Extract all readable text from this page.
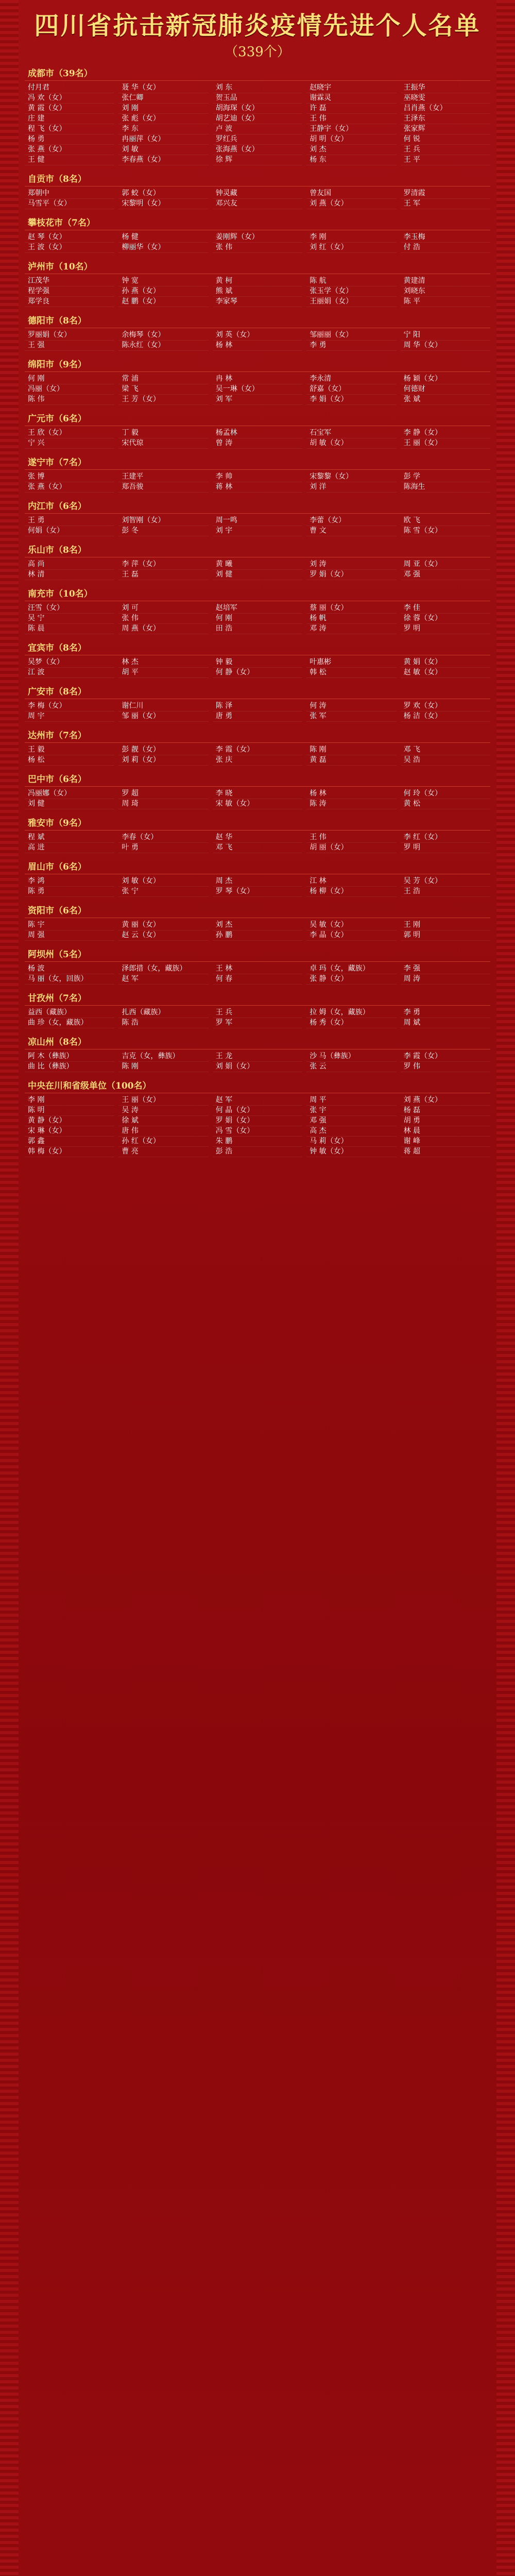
四川省抗击新冠肺炎疫情先进个人名单
（339个）
成都市（39名）
付月君	聂 华（女）	刘 东	赵晓宇	王振华
冯 欢（女）	张仁卿	贺玉品	谢霖灵	巫晓雯
黄 霞（女）	刘 刚	胡海琛（女）	许 磊	吕肖燕（女）
庄 建	张 彪（女）	胡艺迪（女）	王 伟	王泽东
程 飞（女）	李 东	卢 波	王静宇（女）	张家辉
杨 勇	冉丽萍（女）	罗红兵	胡 明（女）	何 锐
张 燕（女）	刘 敏	张海燕（女）	刘 杰	王 兵
王 健	李春燕（女）	徐 辉	杨 东	王 平
自贡市（8名）
郑朝中	郭 蛟（女）	钟灵藏	曾友国	罗清霞
马雪平（女）	宋黎明（女）	邓兴友	刘 燕（女）	王 军
攀枝花市（7名）
赵 琴（女）	杨 健	姜刚辉（女）	李 刚	李玉梅
王 波（女）	柳丽华（女）	张 伟	刘 红（女）	付 浩
泸州市（10名）
江茂华	钟 宽	黄 柯	陈 航	黄建清
程学强	孙 燕（女）	熊 斌	张玉学（女）	刘晓东
郑学良	赵 鹏（女）	李家琴	王丽娟（女）	陈 平
德阳市（8名）
罗丽娟（女）	余梅琴（女）	刘 英（女）	邹丽丽（女）	宁 阳
王 强	陈永红（女）	杨 林	李 勇	周 华（女）
绵阳市（9名）
何 刚	常 浦	冉 林	李永清	杨 颖（女）
冯丽（女）	梁 飞	吴一琳（女）	舒嘉（女）	何德财
陈 伟	王 芳（女）	刘 军	李 娟（女）	张 斌
广元市（6名）
王 欣（女）	丁 毅	杨孟林	石宝军	李 静（女）
宁 兴	宋代琼	曾 涛	胡 敏（女）	王 丽（女）
遂宁市（7名）
张 博	王建平	李 帅	宋黎黎（女）	彭 学
张 燕（女）	郑吾骏	蒋 林	刘 洋	陈海生
内江市（6名）
王 勇	刘智刚（女）	周一鸣	李蕾（女）	欧 飞
何娟（女）	彭 冬	刘 宇	曹 文	陈 雪（女）
乐山市（8名）
高 尚	李 萍（女）	黄 曦	刘 涛	周 亚（女）
林 清	王 磊	刘 健	罗 娟（女）	邓 强
南充市（10名）
汪雪（女）	刘 可	赵培军	蔡 丽（女）	李 佳
吴 宁	张 伟	何 刚	杨 帆	徐 蓉（女）
陈 晨	周 燕（女）	田 浩	邓 涛	罗 明
宜宾市（8名）
吴梦（女）	林 杰	钟 毅	叶惠彬	黄 娟（女）
江 波	胡 平	何 静（女）	韩 松	赵 敏（女）
广安市（8名）
李 梅（女）	谢仁川	陈 泽	何 涛	罗 欢（女）
周 宇	邹 丽（女）	唐 勇	张 军	杨 洁（女）
达州市（7名）
王 毅	彭 靓（女）	李 霞（女）	陈 刚	邓 飞
杨 松	刘 莉（女）	张 庆	黄 磊	吴 浩
巴中市（6名）
冯丽娜（女）	罗 超	李 晓	杨 林	何 玲（女）
刘 健	周 琦	宋 敏（女）	陈 涛	黄 松
雅安市（9名）
程 斌	李春（女）	赵 华	王 伟	李 红（女）
高 进	叶 勇	邓 飞	胡 丽（女）	罗 明
眉山市（6名）
李 鸿	刘 敏（女）	周 杰	江 林	吴 芳（女）
陈 勇	张 宁	罗 琴（女）	杨 柳（女）	王 浩
资阳市（6名）
陈 宇	黄 丽（女）	刘 杰	吴 敏（女）	王 刚
周 强	赵 云（女）	孙 鹏	李 晶（女）	郭 明
阿坝州（5名）
杨 波	泽郎措（女，藏族）	王 林	卓 玛（女，藏族）	李 强
马 丽（女，回族）	赵 军	何 春	张 静（女）	周 涛
甘孜州（7名）
益西（藏族）	扎西（藏族）	王 兵	拉 姆（女，藏族）	李 勇
曲 珍（女，藏族）	陈 浩	罗 军	杨 秀（女）	周 斌
凉山州（8名）
阿 木（彝族）	吉克（女，彝族）	王 龙	沙 马（彝族）	李 霞（女）
曲 比（彝族）	陈 刚	刘 娟（女）	张 云	罗 伟
中央在川和省级单位（100名）
李 刚	王 丽（女）	赵 军	周 平	刘 燕（女）
陈 明	吴 涛	何 晶（女）	张 宇	杨 磊
黄 静（女）	徐 斌	罗 娟（女）	邓 强	胡 勇
宋 琳（女）	唐 伟	冯 雪（女）	高 杰	林 晨
郭 鑫	孙 红（女）	朱 鹏	马 莉（女）	谢 峰
韩 梅（女）	曹 亮	彭 浩	钟 敏（女）	蒋 超
